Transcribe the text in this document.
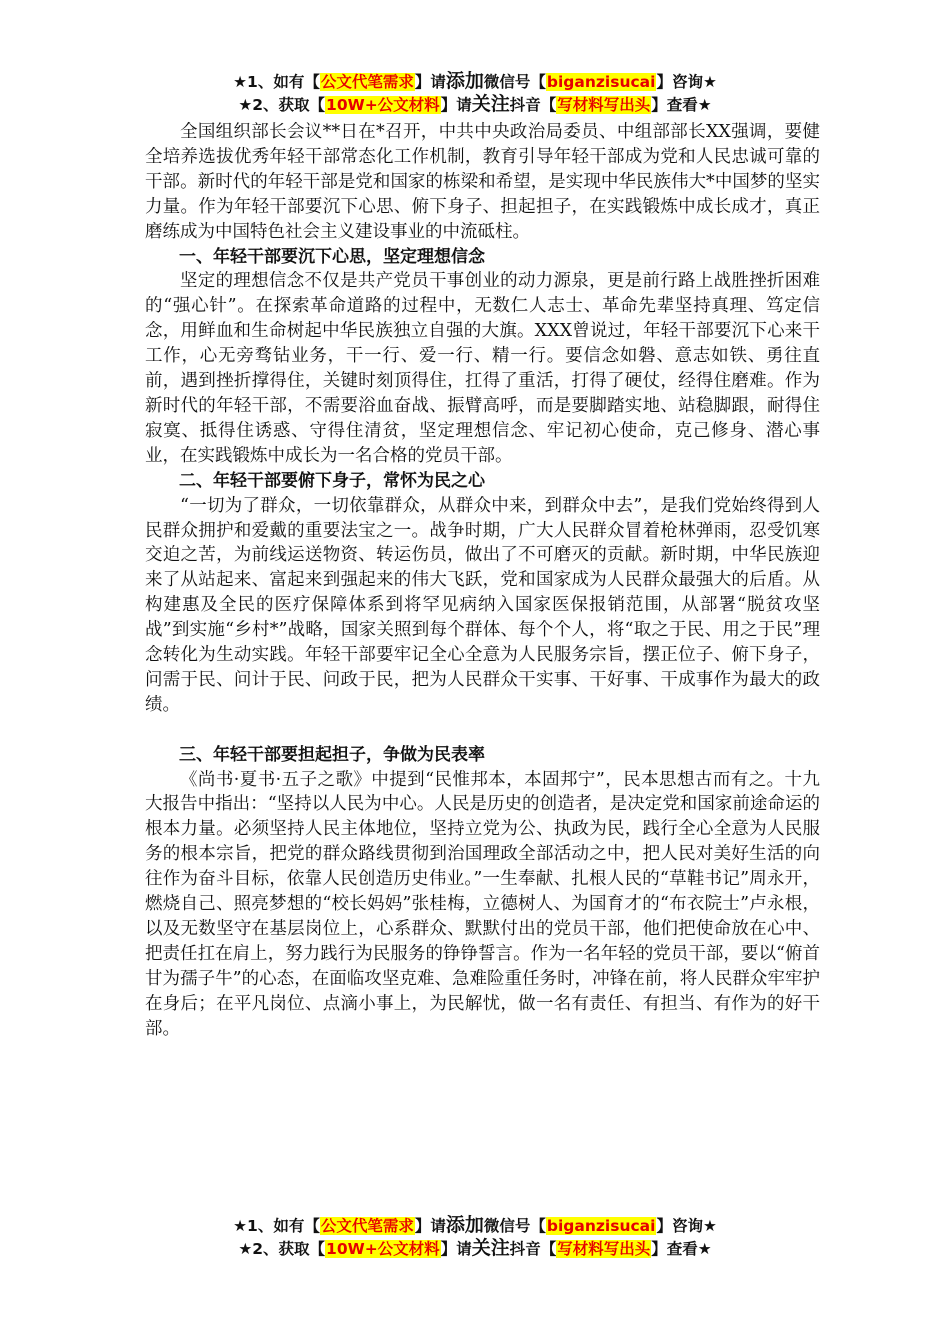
★1、如有【公文代笔需求】请添加微信号【biganzisucai】咨询★
★2、获取【10W+公文材料】请关注抖音【写材料写出头】查看★

全国组织部长会议**日在*召开，中共中央政治局委员、中组部部长XX强调，要健全培养选拔优秀年轻干部常态化工作机制，教育引导年轻干部成为党和人民忠诚可靠的干部。新时代的年轻干部是党和国家的栋梁和希望，是实现中华民族伟大*中国梦的坚实力量。作为年轻干部要沉下心思、俯下身子、担起担子，在实践锻炼中成长成才，真正磨练成为中国特色社会主义建设事业的中流砥柱。

一、年轻干部要沉下心思，坚定理想信念

坚定的理想信念不仅是共产党员干事创业的动力源泉，更是前行路上战胜挫折困难的“强心针”。在探索革命道路的过程中，无数仁人志士、革命先辈坚持真理、笃定信念，用鲜血和生命树起中华民族独立自强的大旗。XXX曾说过，年轻干部要沉下心来干工作，心无旁骛钻业务，干一行、爱一行、精一行。要信念如磐、意志如铁、勇往直前，遇到挫折撑得住，关键时刻顶得住，扛得了重活，打得了硬仗，经得住磨难。作为新时代的年轻干部，不需要浴血奋战、振臂高呼，而是要脚踏实地、站稳脚跟，耐得住寂寞、抵得住诱惑、守得住清贫，坚定理想信念、牢记初心使命，克己修身、潜心事业，在实践锻炼中成长为一名合格的党员干部。

二、年轻干部要俯下身子，常怀为民之心

“一切为了群众，一切依靠群众，从群众中来，到群众中去”，是我们党始终得到人民群众拥护和爱戴的重要法宝之一。战争时期，广大人民群众冒着枪林弹雨，忍受饥寒交迫之苦，为前线运送物资、转运伤员，做出了不可磨灭的贡献。新时期，中华民族迎来了从站起来、富起来到强起来的伟大飞跃，党和国家成为人民群众最强大的后盾。从构建惠及全民的医疗保障体系到将罕见病纳入国家医保报销范围，从部署“脱贫攻坚战”到实施“乡村*”战略，国家关照到每个群体、每个个人，将“取之于民、用之于民”理念转化为生动实践。年轻干部要牢记全心全意为人民服务宗旨，摆正位子、俯下身子，问需于民、问计于民、问政于民，把为人民群众干实事、干好事、干成事作为最大的政绩。

三、年轻干部要担起担子，争做为民表率

《尚书·夏书·五子之歌》中提到“民惟邦本，本固邦宁”，民本思想古而有之。十九大报告中指出：“坚持以人民为中心。人民是历史的创造者，是决定党和国家前途命运的根本力量。必须坚持人民主体地位，坚持立党为公、执政为民，践行全心全意为人民服务的根本宗旨，把党的群众路线贯彻到治国理政全部活动之中，把人民对美好生活的向往作为奋斗目标，依靠人民创造历史伟业。”一生奉献、扎根人民的“草鞋书记”周永开，燃烧自己、照亮梦想的“校长妈妈”张桂梅，立德树人、为国育才的“布衣院士”卢永根，以及无数坚守在基层岗位上，心系群众、默默付出的党员干部，他们把使命放在心中、把责任扛在肩上，努力践行为民服务的铮铮誓言。作为一名年轻的党员干部，要以“俯首甘为孺子牛”的心态，在面临攻坚克难、急难险重任务时，冲锋在前，将人民群众牢牢护在身后；在平凡岗位、点滴小事上，为民解忧，做一名有责任、有担当、有作为的好干部。

★1、如有【公文代笔需求】请添加微信号【biganzisucai】咨询★
★2、获取【10W+公文材料】请关注抖音【写材料写出头】查看★
